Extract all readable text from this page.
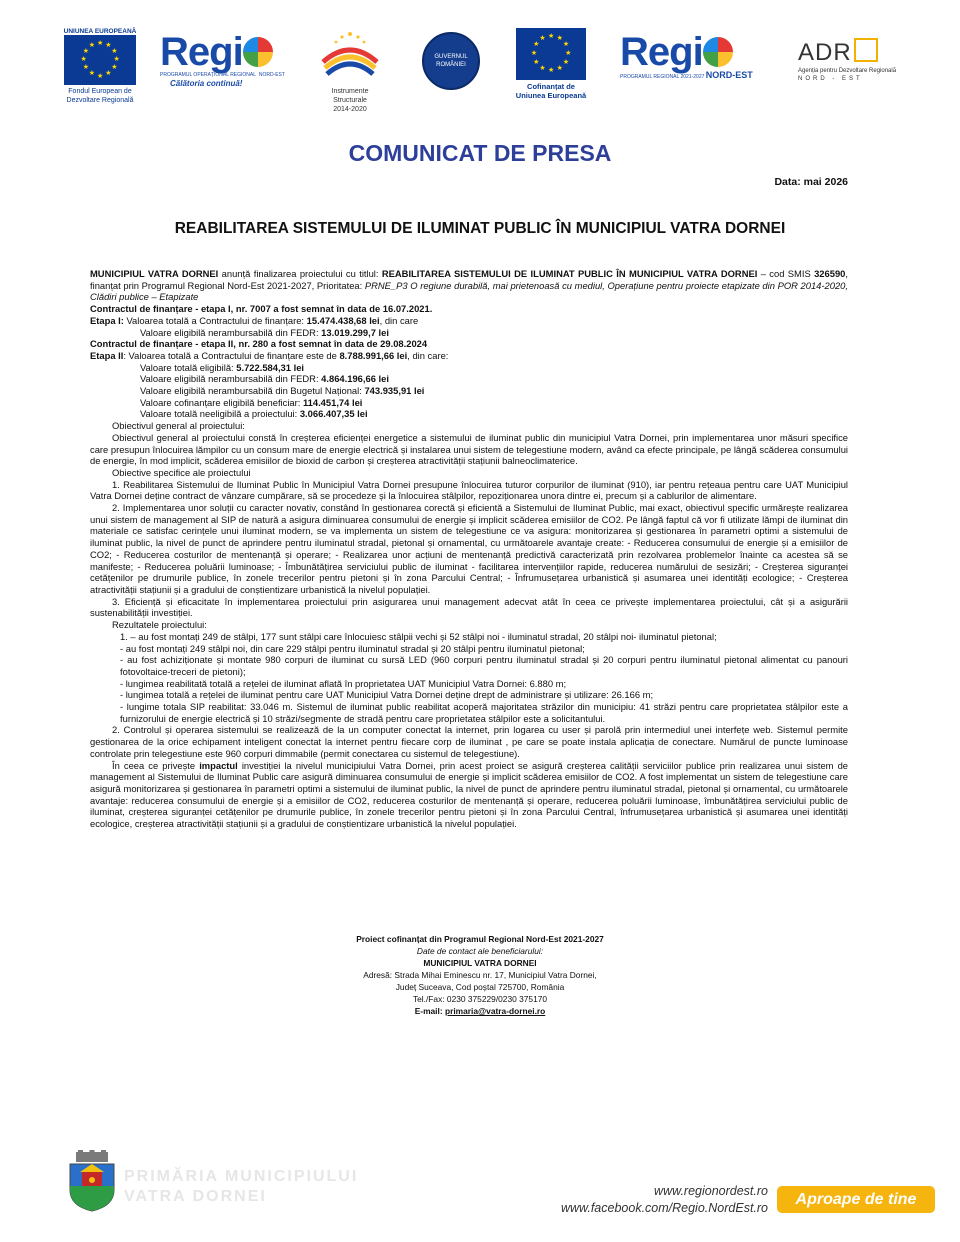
UNIUNEA EUROPEANĂ
★ ★
★
★
★
★
★
★
★
★
★
★
Fondul European de
Dezvoltare Regională
Regi
PROGRAMUL OPERAȚIONAL REGIONAL NORD-EST
Călătoria continuă!
Instrumente Structurale
2014-2020
GUVERNUL ROMÂNIEI
★ ★
★
★
★
★
★
★
★
★
★
★
Cofinanțat de
Uniunea Europeană
Regi
PROGRAMUL REGIONAL 2021-2027 NORD-EST
ADR
Agenția pentru Dezvoltare Regională
NORD - EST
COMUNICAT DE PRESA
Data: mai 2026
REABILITAREA SISTEMULUI DE ILUMINAT PUBLIC ÎN MUNICIPIUL VATRA DORNEI

MUNICIPIUL VATRA DORNEI anunță finalizarea proiectului cu titlul: REABILITAREA SISTEMULUI DE ILUMINAT PUBLIC ÎN MUNICIPIUL VATRA DORNEI – cod SMIS 326590, finanțat prin Programul Regional Nord-Est 2021-2027, Prioritatea: PRNE_P3 O regiune durabilă, mai prietenoasă cu mediul, Operațiune pentru proiecte etapizate din POR 2014-2020, Clădiri publice – Etapizate

Contractul de finanțare - etapa I, nr. 7007 a fost semnat în data de 16.07.2021.

Etapa I: Valoarea totală a Contractului de finanțare: 15.474.438,68 lei, din care

Valoare eligibilă nerambursabilă din FEDR: 13.019.299,7 lei

Contractul de finanțare - etapa II, nr. 280 a fost semnat în data de 29.08.2024

Etapa II: Valoarea totală a Contractului de finanțare este de 8.788.991,66 lei, din care:

Valoare totală eligibilă: 5.722.584,31 lei

Valoare eligibilă nerambursabilă din FEDR: 4.864.196,66 lei

Valoare eligibilă nerambursabilă din Bugetul Național: 743.935,91 lei

Valoare cofinanțare eligibilă beneficiar: 114.451,74 lei

Valoare totală neeligibilă a proiectului: 3.066.407,35 lei

Obiectivul general al proiectului:

Obiectivul general al proiectului constă în creșterea eficienței energetice a sistemului de iluminat public din municipiul Vatra Dornei, prin implementarea unor măsuri specifice care presupun înlocuirea lămpilor cu un consum mare de energie electrică și instalarea unui sistem de telegestiune modern, având ca efecte principale, pe lângă scăderea consumului de energie, în mod implicit, scăderea emisiilor de bioxid de carbon și creșterea atractivității stațiunii balneoclimaterice.

Obiective specifice ale proiectului

1. Reabilitarea Sistemului de Iluminat Public în Municipiul Vatra Dornei presupune înlocuirea tuturor corpurilor de iluminat (910), iar pentru rețeaua pentru care UAT Municipiul Vatra Dornei deține contract de vânzare cumpărare, să se procedeze și la înlocuirea stâlpilor, repoziționarea unora dintre ei, precum și a cablurilor de alimentare.

2. Implementarea unor soluții cu caracter novativ, constând în gestionarea corectă și eficientă a Sistemului de Iluminat Public, mai exact, obiectivul specific urmărește realizarea unui sistem de management al SIP de natură a asigura diminuarea consumului de energie și implicit scăderea emisiilor de CO2. Pe lângă faptul că vor fi utilizate lămpi de iluminat din materiale ce satisfac cerințele unui iluminat modern, se va implementa un sistem de telegestiune ce va asigura: monitorizarea și gestionarea în parametri optimi a sistemului de iluminat public, la nivel de punct de aprindere pentru iluminatul stradal, pietonal și ornamental, cu următoarele avantaje create: - Reducerea consumului de energie și a emisiilor de CO2; - Reducerea costurilor de mentenanță și operare; - Realizarea unor acțiuni de mentenanță predictivă caracterizată prin rezolvarea problemelor înainte ca acestea să se manifeste; - Reducerea poluării luminoase; - Îmbunătățirea serviciului public de iluminat - facilitarea intervențiilor rapide, reducerea numărului de sesizări; - Creșterea siguranței cetățenilor pe drumurile publice, în zonele trecerilor pentru pietoni și în zona Parcului Central; - Înfrumusețarea urbanistică și asumarea unei identități ecologice; - Creșterea atractivității stațiunii și a gradului de conștientizare urbanistică la nivelul populației.

3. Eficiență și eficacitate în implementarea proiectului prin asigurarea unui management adecvat atât în ceea ce privește implementarea proiectului, cât și a asigurării sustenabilității investiției.

Rezultatele proiectului:

1. – au fost montați 249 de stâlpi, 177 sunt stâlpi care înlocuiesc stâlpii vechi și 52 stâlpi noi - iluminatul stradal, 20 stâlpi noi- iluminatul pietonal;

- au fost montați 249 stâlpi noi, din care 229 stâlpi pentru iluminatul stradal și 20 stâlpi pentru iluminatul pietonal;

- au fost achiziționate și montate 980 corpuri de iluminat cu sursă LED (960 corpuri pentru iluminatul stradal și 20 corpuri pentru iluminatul pietonal alimentat cu panouri fotovoltaice-treceri de pietoni);

- lungimea reabilitată totală a rețelei de iluminat aflată în proprietatea UAT Municipiul Vatra Dornei: 6.880 m;

- lungimea totală a rețelei de iluminat pentru care UAT Municipiul Vatra Dornei deține drept de administrare și utilizare: 26.166 m;

- lungime totala SIP reabilitat: 33.046 m. Sistemul de iluminat public reabilitat acoperă majoritatea străzilor din municipiu: 41 străzi pentru care proprietatea stâlpilor este a furnizorului de energie electrică și 10 străzi/segmente de stradă pentru care proprietatea stâlpilor este a solicitantului.

2. Controlul și operarea sistemului se realizează de la un computer conectat la internet, prin logarea cu user și parolă prin intermediul unei interfețe web. Sistemul permite gestionarea de la orice echipament inteligent conectat la internet pentru fiecare corp de iluminat , pe care se poate instala aplicația de conectare. Numărul de puncte luminoase controlate prin telegestiune este 960 corpuri dimmabile (permit conectarea cu sistemul de telegestiune).

În ceea ce privește impactul investiției la nivelul municipiului Vatra Dornei, prin acest proiect se asigură creșterea calității serviciilor publice prin realizarea unui sistem de management al Sistemului de Iluminat Public care asigură diminuarea consumului de energie și implicit scăderea emisiilor de CO2. A fost implementat un sistem de telegestiune care asigură monitorizarea și gestionarea în parametri optimi a sistemului de iluminat public, la nivel de punct de aprindere pentru iluminatul stradal, pietonal și ornamental, cu următoarele avantaje: reducerea consumului de energie și a emisiilor de CO2, reducerea costurilor de mentenanță și operare, reducerea poluării luminoase, îmbunătățirea serviciului public de iluminat, creșterea siguranței cetățenilor pe drumurile publice, în zonele trecerilor pentru pietoni și în zona Parcului Central, înfrumusețarea urbanistică și asumarea unei identități ecologice, creșterea atractivității stațiunii și a gradului de conștientizare urbanistică la nivelul populației.

Proiect cofinanțat din Programul Regional Nord-Est 2021-2027
Date de contact ale beneficiarului:
MUNICIPIUL VATRA DORNEI
Adresă: Strada Mihai Eminescu nr. 17, Municipiul Vatra Dornei,
Județ Suceava, Cod poștal 725700, România
Tel./Fax: 0230 375229/0230 375170
E-mail: primaria@vatra-dornei.ro
PRIMĂRIA MUNICIPIULUI
VATRA DORNEI	www.regionordest.ro
www.facebook.com/Regio.NordEst.ro	Aproape de tine
